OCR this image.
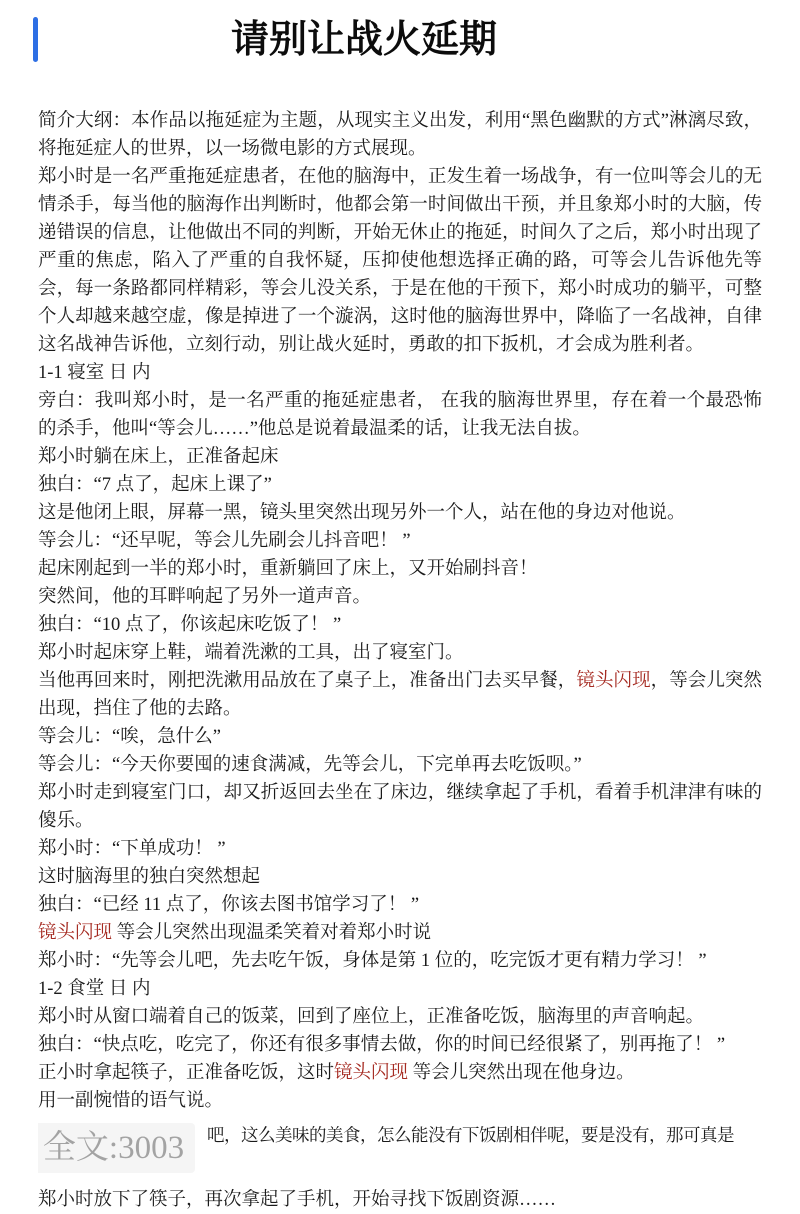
请别让战火延期

简介大纲：本作品以拖延症为主题，从现实主义出发，利用“黑色幽默的方式”淋漓尽致，将拖延症人的世界，以一场微电影的方式展现。

郑小时是一名严重拖延症患者，在他的脑海中，正发生着一场战争，有一位叫等会儿的无情杀手，每当他的脑海作出判断时，他都会第一时间做出干预，并且象郑小时的大脑，传递错误的信息，让他做出不同的判断，开始无休止的拖延，时间久了之后，郑小时出现了严重的焦虑，陷入了严重的自我怀疑，压抑使他想选择正确的路，可等会儿告诉他先等会，每一条路都同样精彩，等会儿没关系，于是在他的干预下，郑小时成功的躺平，可整个人却越来越空虚，像是掉进了一个漩涡，这时他的脑海世界中，降临了一名战神，自律 这名战神告诉他，立刻行动，别让战火延时，勇敢的扣下扳机，才会成为胜利者。

1-1 寝室 日 内

旁白：我叫郑小时，是一名严重的拖延症患者， 在我的脑海世界里，存在着一个最恐怖的杀手，他叫“等会儿……”他总是说着最温柔的话，让我无法自拔。

郑小时躺在床上，正准备起床

独白：“7 点了，起床上课了”

这是他闭上眼，屏幕一黑，镜头里突然出现另外一个人，站在他的身边对他说。

等会儿：“还早呢，等会儿先刷会儿抖音吧！ ”

起床刚起到一半的郑小时，重新躺回了床上，又开始刷抖音！

突然间，他的耳畔响起了另外一道声音。

独白：“10 点了，你该起床吃饭了！ ”

郑小时起床穿上鞋，端着洗漱的工具，出了寝室门。

当他再回来时，刚把洗漱用品放在了桌子上，准备出门去买早餐，镜头闪现，等会儿突然出现，挡住了他的去路。

等会儿：“唉，急什么”

等会儿：“今天你要囤的速食满减，先等会儿，下完单再去吃饭呗。”

郑小时走到寝室门口，却又折返回去坐在了床边，继续拿起了手机，看着手机津津有味的傻乐。

郑小时：“下单成功！ ”

这时脑海里的独白突然想起

独白：“已经 11 点了，你该去图书馆学习了！ ”

镜头闪现 等会儿突然出现温柔笑着对着郑小时说

郑小时：“先等会儿吧，先去吃午饭，身体是第 1 位的，吃完饭才更有精力学习！ ”

1-2 食堂 日 内

郑小时从窗口端着自己的饭菜，回到了座位上，正准备吃饭，脑海里的声音响起。

独白：“快点吃，吃完了，你还有很多事情去做，你的时间已经很紧了，别再拖了！ ”

正小时拿起筷子，正准备吃饭，这时镜头闪现 等会儿突然出现在他身边。

用一副惋惜的语气说。

全文:3003	吧，这么美味的美食，怎么能没有下饭剧相伴呢，要是没有，那可真是

郑小时放下了筷子，再次拿起了手机，开始寻找下饭剧资源……
